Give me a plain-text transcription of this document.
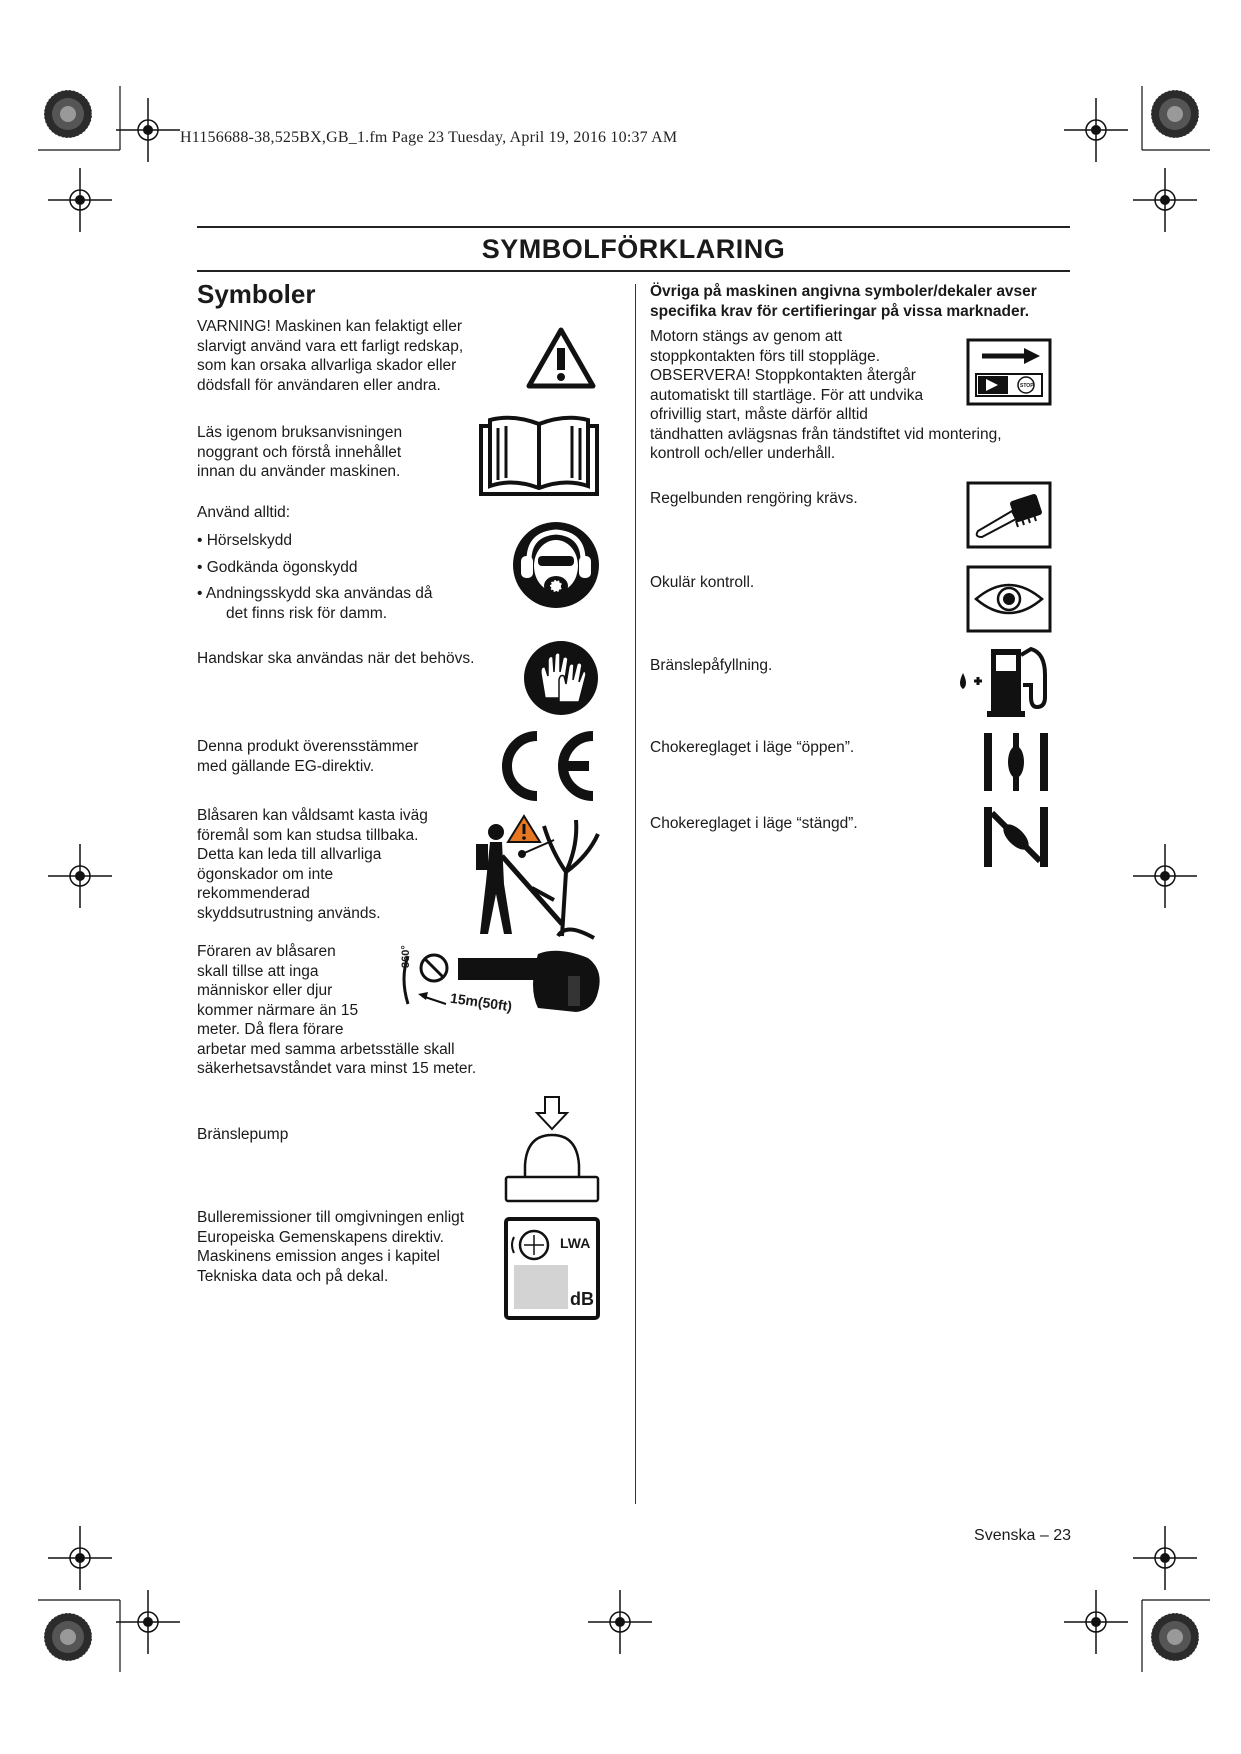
H1156688-38,525BX,GB_1.fm Page 23 Tuesday, April 19, 2016 10:37 AM
SYMBOLFÖRKLARING
Symboler
VARNING! Maskinen kan felaktigt eller
slarvigt använd vara ett farligt redskap,
som kan orsaka allvarliga skador eller
dödsfall för användaren eller andra.
Läs igenom bruksanvisningen
noggrant och förstå innehållet
innan du använder maskinen.
Använd alltid:
• Hörselskydd
• Godkända ögonskydd
• Andningsskydd ska användas då
det finns risk för damm.
Handskar ska användas när det behövs.
Denna produkt överensstämmer
med gällande EG-direktiv.
Blåsaren kan våldsamt kasta iväg
föremål som kan studsa tillbaka.
Detta kan leda till allvarliga
ögonskador om inte
rekommenderad
skyddsutrustning används.
Föraren av blåsaren
skall tillse att inga
människor eller djur
kommer närmare än 15
meter. Då flera förare
arbetar med samma arbetsställe skall
säkerhetsavståndet vara minst 15 meter.
360°
15m(50ft)
Bränslepump
Bulleremissioner till omgivningen enligt
Europeiska Gemenskapens direktiv.
Maskinens emission anges i kapitel
Tekniska data och på dekal.
LWA
dB
Övriga på maskinen angivna symboler/dekaler avser
specifika krav för certifieringar på vissa marknader.
Motorn stängs av genom att
stoppkontakten förs till stoppläge.
OBSERVERA! Stoppkontakten återgår
automatiskt till startläge. För att undvika
ofrivillig start, måste därför alltid
tändhatten avlägsnas från tändstiftet vid montering,
kontroll och/eller underhåll.
STOP
Regelbunden rengöring krävs.
Okulär kontroll.
Bränslepåfyllning.
Chokereglaget i läge “öppen”.
Chokereglaget i läge “stängd”.
Svenska – 23
